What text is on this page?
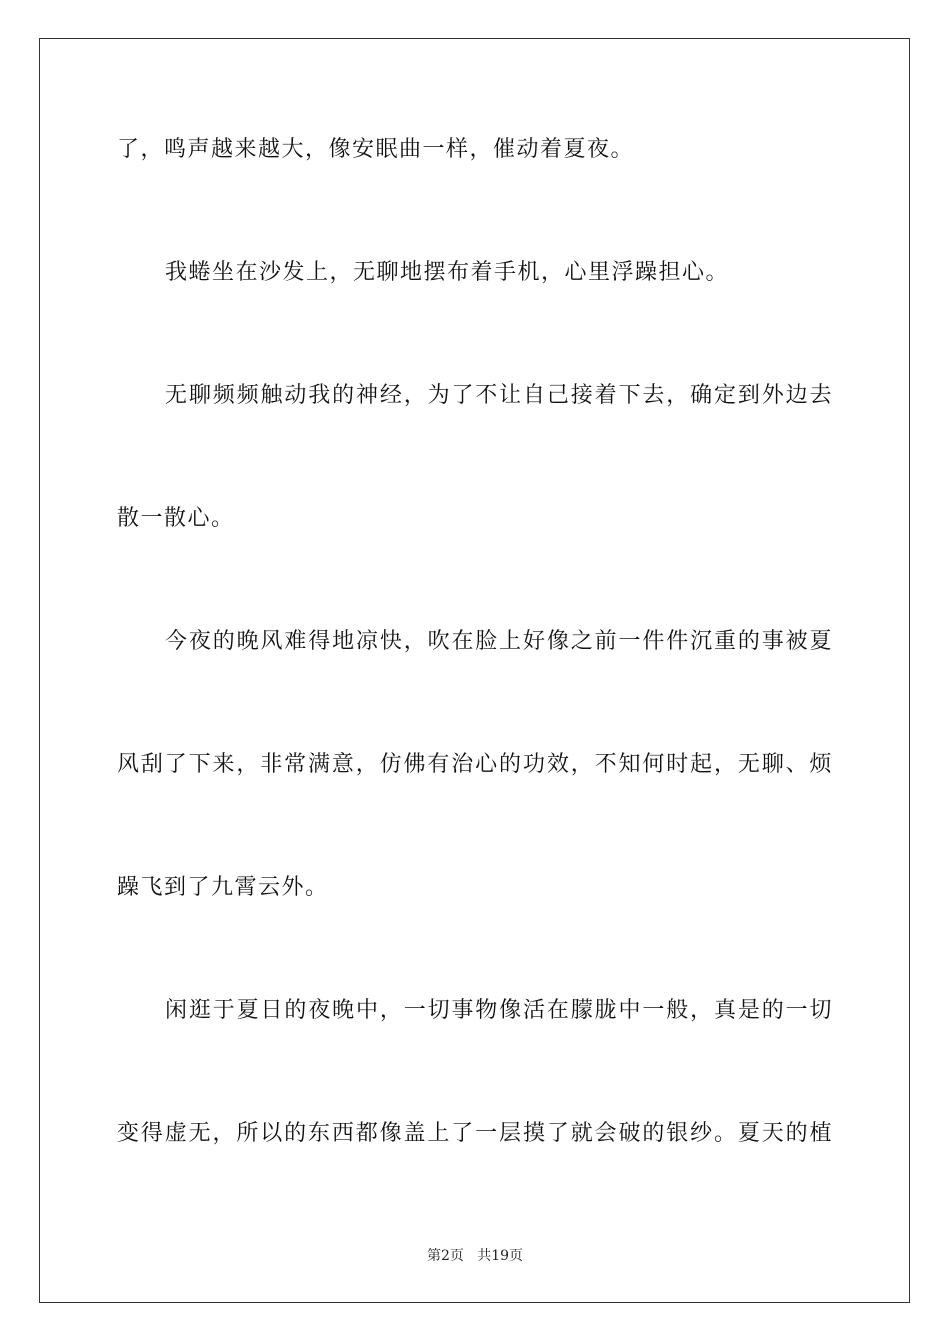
了，鸣声越来越大，像安眠曲一样，催动着夏夜。
我蜷坐在沙发上，无聊地摆布着手机，心里浮躁担心。
无聊频频触动我的神经，为了不让自己接着下去，确定到外边去
散一散心。
今夜的晚风难得地凉快，吹在脸上好像之前一件件沉重的事被夏
风刮了下来，非常满意，仿佛有治心的功效，不知何时起，无聊、烦
躁飞到了九霄云外。
闲逛于夏日的夜晚中，一切事物像活在朦胧中一般，真是的一切
变得虚无，所以的东西都像盖上了一层摸了就会破的银纱。夏天的植
第2页   共19页
